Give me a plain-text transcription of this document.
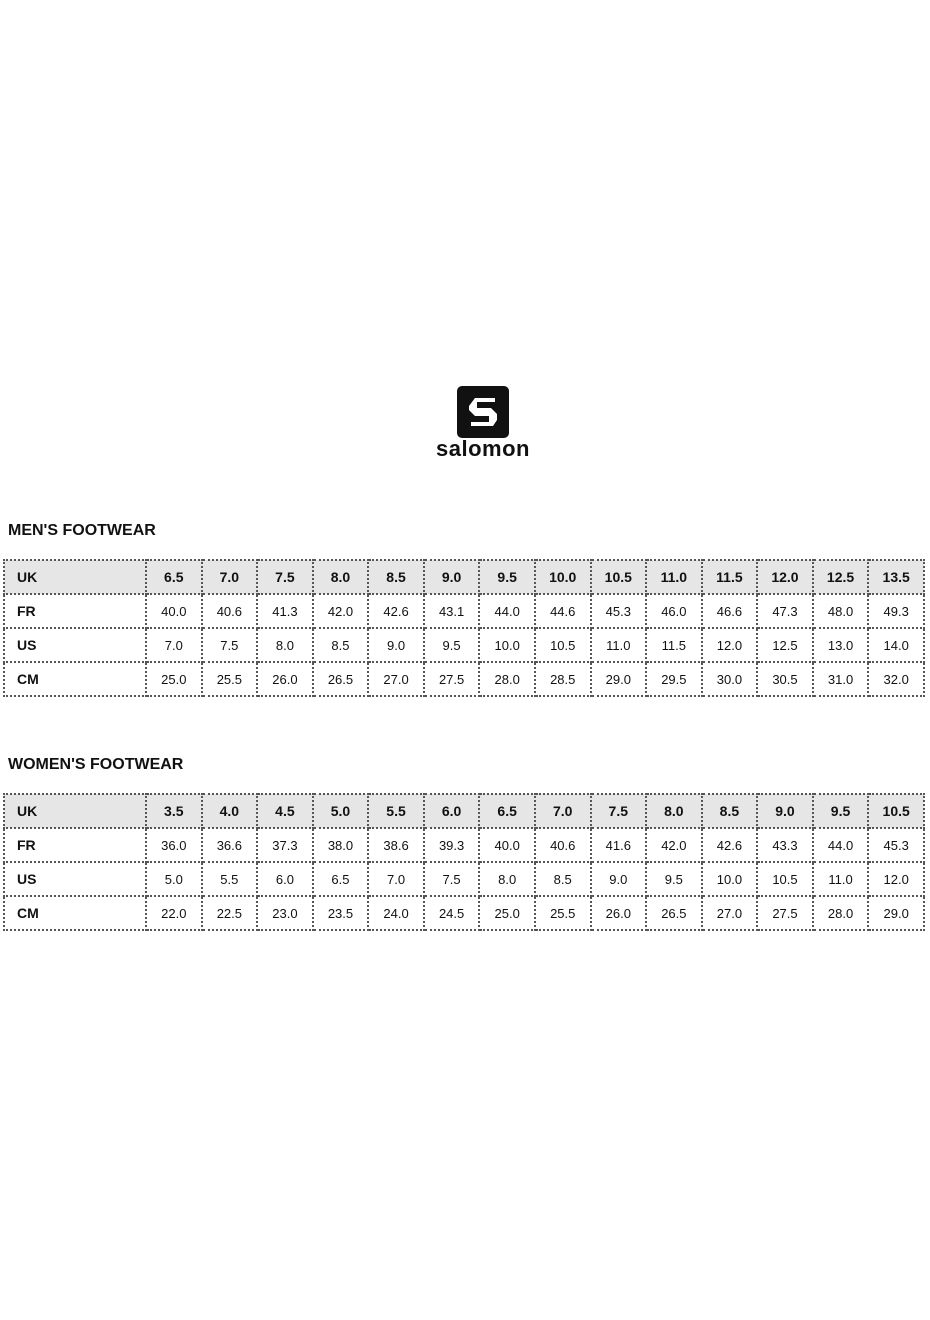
salomon
MEN'S FOOTWEAR
UK	6.5	7.0	7.5	8.0	8.5	9.0	9.5	10.0	10.5	11.0	11.5	12.0	12.5	13.5
FR	40.0	40.6	41.3	42.0	42.6	43.1	44.0	44.6	45.3	46.0	46.6	47.3	48.0	49.3
US	7.0	7.5	8.0	8.5	9.0	9.5	10.0	10.5	11.0	11.5	12.0	12.5	13.0	14.0
CM	25.0	25.5	26.0	26.5	27.0	27.5	28.0	28.5	29.0	29.5	30.0	30.5	31.0	32.0
WOMEN'S FOOTWEAR
UK	3.5	4.0	4.5	5.0	5.5	6.0	6.5	7.0	7.5	8.0	8.5	9.0	9.5	10.5
FR	36.0	36.6	37.3	38.0	38.6	39.3	40.0	40.6	41.6	42.0	42.6	43.3	44.0	45.3
US	5.0	5.5	6.0	6.5	7.0	7.5	8.0	8.5	9.0	9.5	10.0	10.5	11.0	12.0
CM	22.0	22.5	23.0	23.5	24.0	24.5	25.0	25.5	26.0	26.5	27.0	27.5	28.0	29.0
